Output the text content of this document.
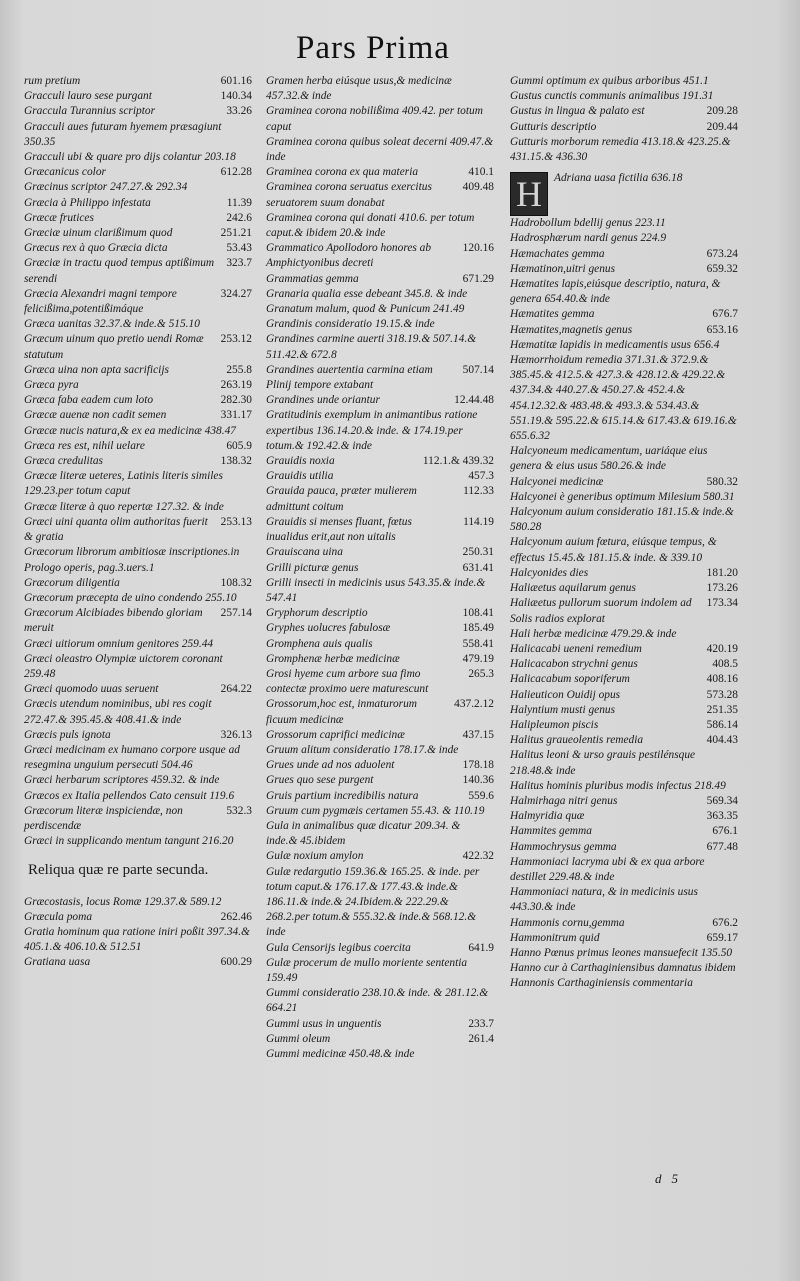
Pars Prima
601.16
rum pretium
140.34
Gracculi lauro sese purgant
33.26
Graccula Turannius scriptor
Gracculi aues futuram hyemem præsagiunt 350.35
Gracculi ubi & quare pro dijs colantur 203.18
612.28
Græcanicus color
Græcinus scriptor 247.27.& 292.34
11.39
Græcia à Philippo infestata
242.6
Græcæ frutices
251.21
Græciæ uinum clarißimum quod
53.43
Græcus rex à quo Græcia dicta
323.7
Græciæ in tractu quod tempus aptißimum serendi
324.27
Græcia Alexandri magni tempore felicißima,potentißimáque
Græca uanitas 32.37.& inde.& 515.10
253.12
Græcum uinum quo pretio uendi Romæ statutum
255.8
Græca uina non apta sacrificijs
263.19
Græca pyra
282.30
Græca faba eadem cum loto
331.17
Græcæ auenæ non cadit semen
Græcæ nucis natura,& ex ea medicinæ 438.47
605.9
Græca res est, nihil uelare
138.32
Græca credulitas
Græcæ literæ ueteres, Latinis literis similes 129.23.per totum caput
Græcæ literæ à quo repertæ 127.32. & inde
253.13
Græci uini quanta olim authoritas fuerit & gratia
Græcorum librorum ambitiosæ inscriptiones.in Prologo operis, pag.3.uers.1
108.32
Græcorum diligentia
Græcorum præcepta de uino condendo 255.10
257.14
Græcorum Alcibiades bibendo gloriam meruit
Græci uitiorum omnium genitores 259.44
Græci oleastro Olympiæ uictorem coronant 259.48
264.22
Græci quomodo uuas seruent
Græcis utendum nominibus, ubi res cogit 272.47.& 395.45.& 408.41.& inde
326.13
Græcis puls ignota
Græci medicinam ex humano corpore usque ad resegmina unguium persecuti 504.46
Græci herbarum scriptores 459.32. & inde
Græcos ex Italia pellendos Cato censuit 119.6
532.3
Græcorum literæ inspiciendæ, non perdiscendæ
Græci in supplicando mentum tangunt 216.20
Reliqua quæ re parte secunda.
Græcostasis, locus Romæ 129.37.& 589.12
262.46
Græcula poma
Gratia hominum qua ratione iniri poßit 397.34.& 405.1.& 406.10.& 512.51
600.29
Gratiana uasa
Gramen herba eiúsque usus,& medicinæ 457.32.& inde
Graminea corona nobilißima 409.42. per totum caput
Graminea corona quibus soleat decerni 409.47.& inde
410.1
Graminea corona ex qua materia
409.48
Graminea corona seruatus exercitus seruatorem suum donabat
Graminea corona qui donati 410.6. per totum caput.& ibidem 20.& inde
120.16
Grammatico Apollodoro honores ab Amphictyonibus decreti
671.29
Grammatias gemma
Granaria qualia esse debeant 345.8. & inde
Granatum malum, quod & Punicum 241.49
Grandinis consideratio 19.15.& inde
Grandines carmine auerti 318.19.& 507.14.& 511.42.& 672.8
507.14
Grandines auertentia carmina etiam Plinij tempore extabant
12.44.48
Grandines unde oriantur
Gratitudinis exemplum in animantibus ratione expertibus 136.14.20.& inde. & 174.19.per totum.& 192.42.& inde
112.1.& 439.32
Grauidis noxia
457.3
Grauidis utilia
112.33
Grauida pauca, præter mulierem admittunt coitum
114.19
Grauidis si menses fluant, fœtus inualidus erit,aut non uitalis
250.31
Grauiscana uina
631.41
Grilli picturæ genus
Grilli insecti in medicinis usus 543.35.& inde.& 547.41
108.41
Gryphorum descriptio
185.49
Gryphes uolucres fabulosæ
558.41
Gromphena auis qualis
479.19
Gromphenæ herbæ medicinæ
265.3
Grosi hyeme cum arbore sua fimo contectæ proximo uere maturescunt
437.2.12
Grossorum,hoc est, inmaturorum ficuum medicinæ
437.15
Grossorum caprifici medicinæ
Gruum alitum consideratio 178.17.& inde
178.18
Grues unde ad nos aduolent
140.36
Grues quo sese purgent
559.6
Gruis partium incredibilis natura
Gruum cum pygmæis certamen 55.43. & 110.19
Gula in animalibus quæ dicatur 209.34. & inde.& 45.ibidem
422.32
Gulæ noxium amylon
Gulæ redargutio 159.36.& 165.25. & inde. per totum caput.& 176.17.& 177.43.& inde.& 186.11.& inde.& 24.Ibidem.& 222.29.& 268.2.per totum.& 555.32.& inde.& 568.12.& inde
641.9
Gula Censorijs legibus coercita
Gulæ procerum de mullo moriente sententia 159.49
Gummi consideratio 238.10.& inde. & 281.12.& 664.21
233.7
Gummi usus in unguentis
261.4
Gummi oleum
Gummi medicinæ 450.48.& inde
Gummi optimum ex quibus arboribus 451.1
Gustus cunctis communis animalibus 191.31
209.28
Gustus in lingua & palato est
209.44
Gutturis descriptio
Gutturis morborum remedia 413.18.& 423.25.& 431.15.& 436.30
H	Adriana uasa fictilia 636.18
Hadrobollum bdellij genus 223.11
Hadrosphærum nardi genus 224.9
673.24
Hæmachates gemma
659.32
Hæmatinon,uitri genus
Hæmatites lapis,eiúsque descriptio, natura, & genera 654.40.& inde
676.7
Hæmatites gemma
653.16
Hæmatites,magnetis genus
Hæmatitæ lapidis in medicamentis usus 656.4
Hæmorrhoidum remedia 371.31.& 372.9.& 385.45.& 412.5.& 427.3.& 428.12.& 429.22.& 437.34.& 440.27.& 450.27.& 452.4.& 454.12.32.& 483.48.& 493.3.& 534.43.& 551.19.& 595.22.& 615.14.& 617.43.& 619.16.& 655.6.32
Halcyoneum medicamentum, uariáque eius genera & eius usus 580.26.& inde
580.32
Halcyonei medicinæ
Halcyonei è generibus optimum Milesium 580.31
Halcyonum auium consideratio 181.15.& inde.& 580.28
Halcyonum auium fœtura, eiúsque tempus, & effectus 15.45.& 181.15.& inde. & 339.10
181.20
Halcyonides dies
173.26
Haliæetus aquilarum genus
173.34
Haliæetus pullorum suorum indolem ad Solis radios explorat
Hali herbæ medicinæ 479.29.& inde
420.19
Halicacabi ueneni remedium
408.5
Halicacabon strychni genus
408.16
Halicacabum soporiferum
573.28
Halieuticon Ouidij opus
251.35
Halyntium musti genus
586.14
Halipleumon piscis
404.43
Halitus graueolentis remedia
Halitus leoni & urso grauis pestilénsque 218.48.& inde
Halitus hominis pluribus modis infectus 218.49
569.34
Halmirhaga nitri genus
363.35
Halmyridia quæ
676.1
Hammites gemma
677.48
Hammochrysus gemma
Hammoniaci lacryma ubi & ex qua arbore destillet 229.48.& inde
Hammoniaci natura, & in medicinis usus 443.30.& inde
676.2
Hammonis cornu,gemma
659.17
Hammonitrum quid
Hanno Pœnus primus leones mansuefecit 135.50
Hanno cur à Carthaginiensibus damnatus ibidem
Hannonis Carthaginiensis commentaria
d 5
